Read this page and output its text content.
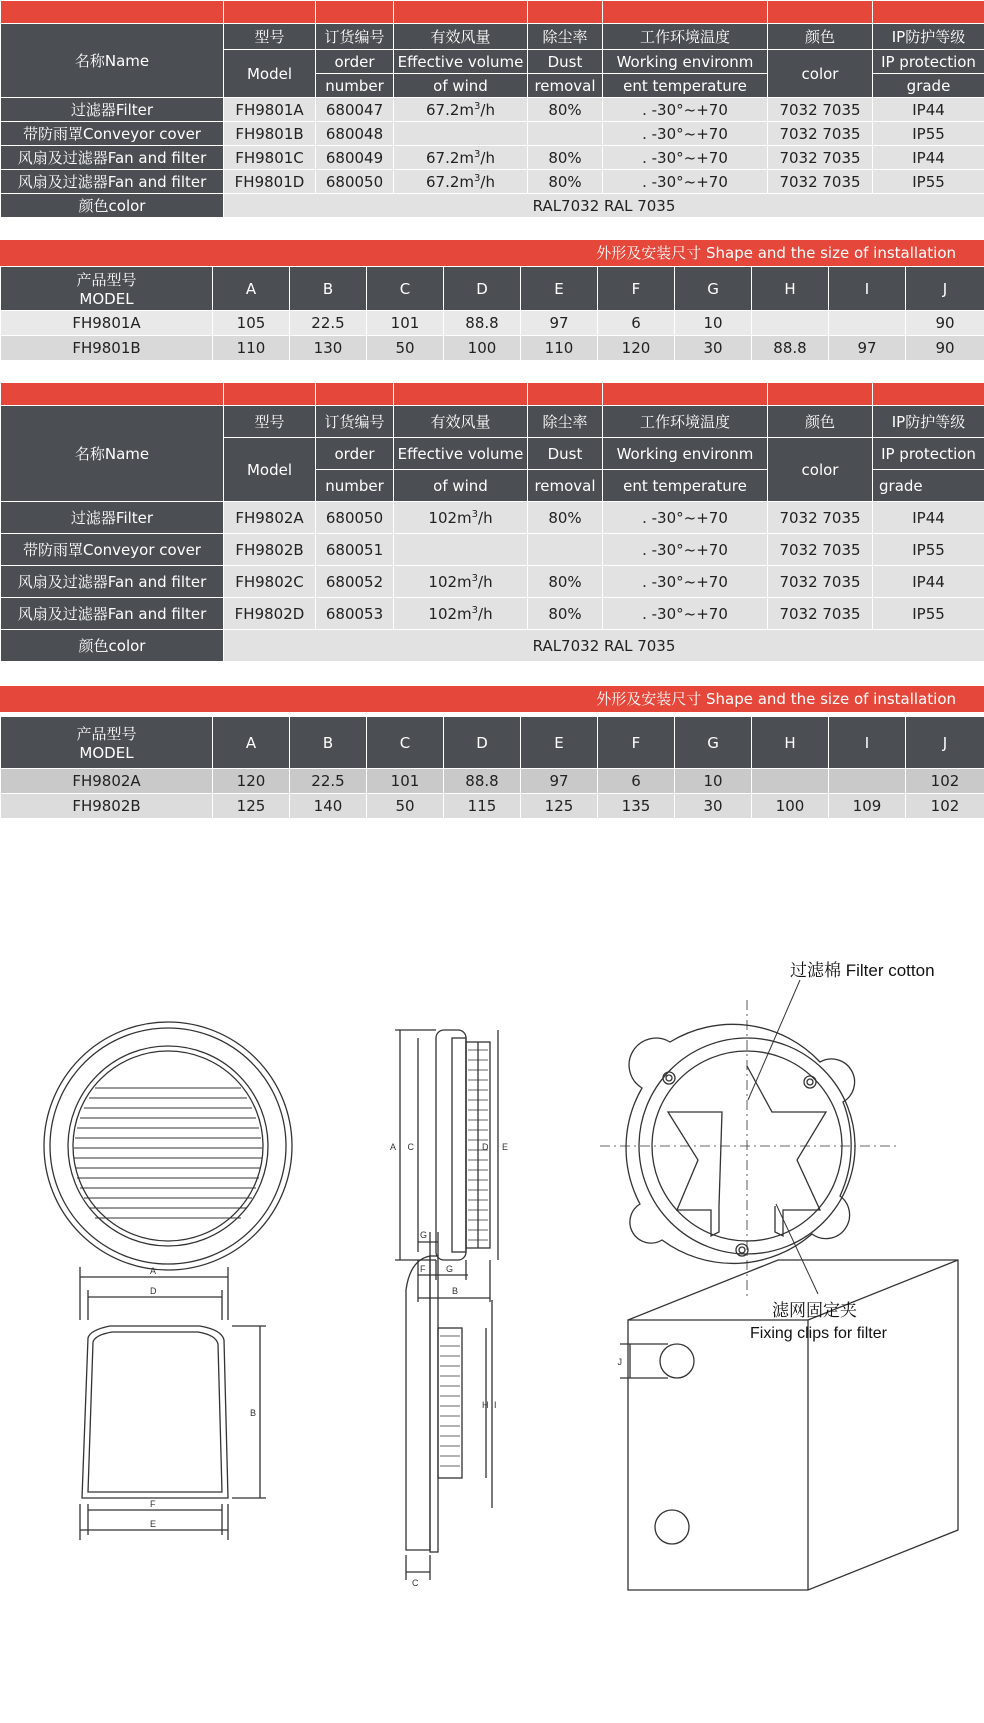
名称Name	型号	订货编号	有效风量	除尘率	工作环境温度	颜色	IP防护等级
	Model	order	Effective volume	Dust	Working environm	color	IP protection
		number	of wind	removal	ent temperature		grade
过滤器Filter	FH9801A	680047	$67.2m^3/h$	80%	. -30°~+70	7032 7035	IP44
带防雨罩Conveyor cover	FH9801B	680048			. -30°~+70	7032 7035	IP55
风扇及过滤器Fan and filter	FH9801C	680049	$67.2m^3/h$	80%	. -30°~+70	7032 7035	IP44
风扇及过滤器Fan and filter	FH9801D	680050	$67.2m^3/h$	80%	. -30°~+70	7032 7035	IP55
颜色color	RAL7032 RAL 7035						
外形及安装尺寸 Shape and the size of installation
产品型号
MODEL	A	B	C	D	E	F	G	H	I	J
FH9801A	105	22.5	101	88.8	97	6	10			90
FH9801B	110	130	50	100	110	120	30	88.8	97	90

名称Name	型号	订货编号	有效风量	除尘率	工作环境温度	颜色	IP防护等级
	Model	order	Effective volume	Dust	Working environm	color	IP protection
		number	of wind	removal	ent temperature		grade
过滤器Filter	FH9802A	680050	$102m^3/h$	80%	. -30°~+70	7032 7035	IP44
带防雨罩Conveyor cover	FH9802B	680051			. -30°~+70	7032 7035	IP55
风扇及过滤器Fan and filter	FH9802C	680052	$102m^3/h$	80%	. -30°~+70	7032 7035	IP44
风扇及过滤器Fan and filter	FH9802D	680053	$102m^3/h$	80%	. -30°~+70	7032 7035	IP55
颜色color	RAL7032 RAL 7035						
外形及安装尺寸 Shape and the size of installation
产品型号
MODEL	A	B	C	D	E	F	G	H	I	J
FH9802A	120	22.5	101	88.8	97	6	10			102
FH9802B	125	140	50	115	125	135	30	100	109	102
A C	D E
F G
B
A
D
F
E
B
G
H I
C
J
过滤棉 Filter cotton
滤网固定夹
Fixing clips for filter
